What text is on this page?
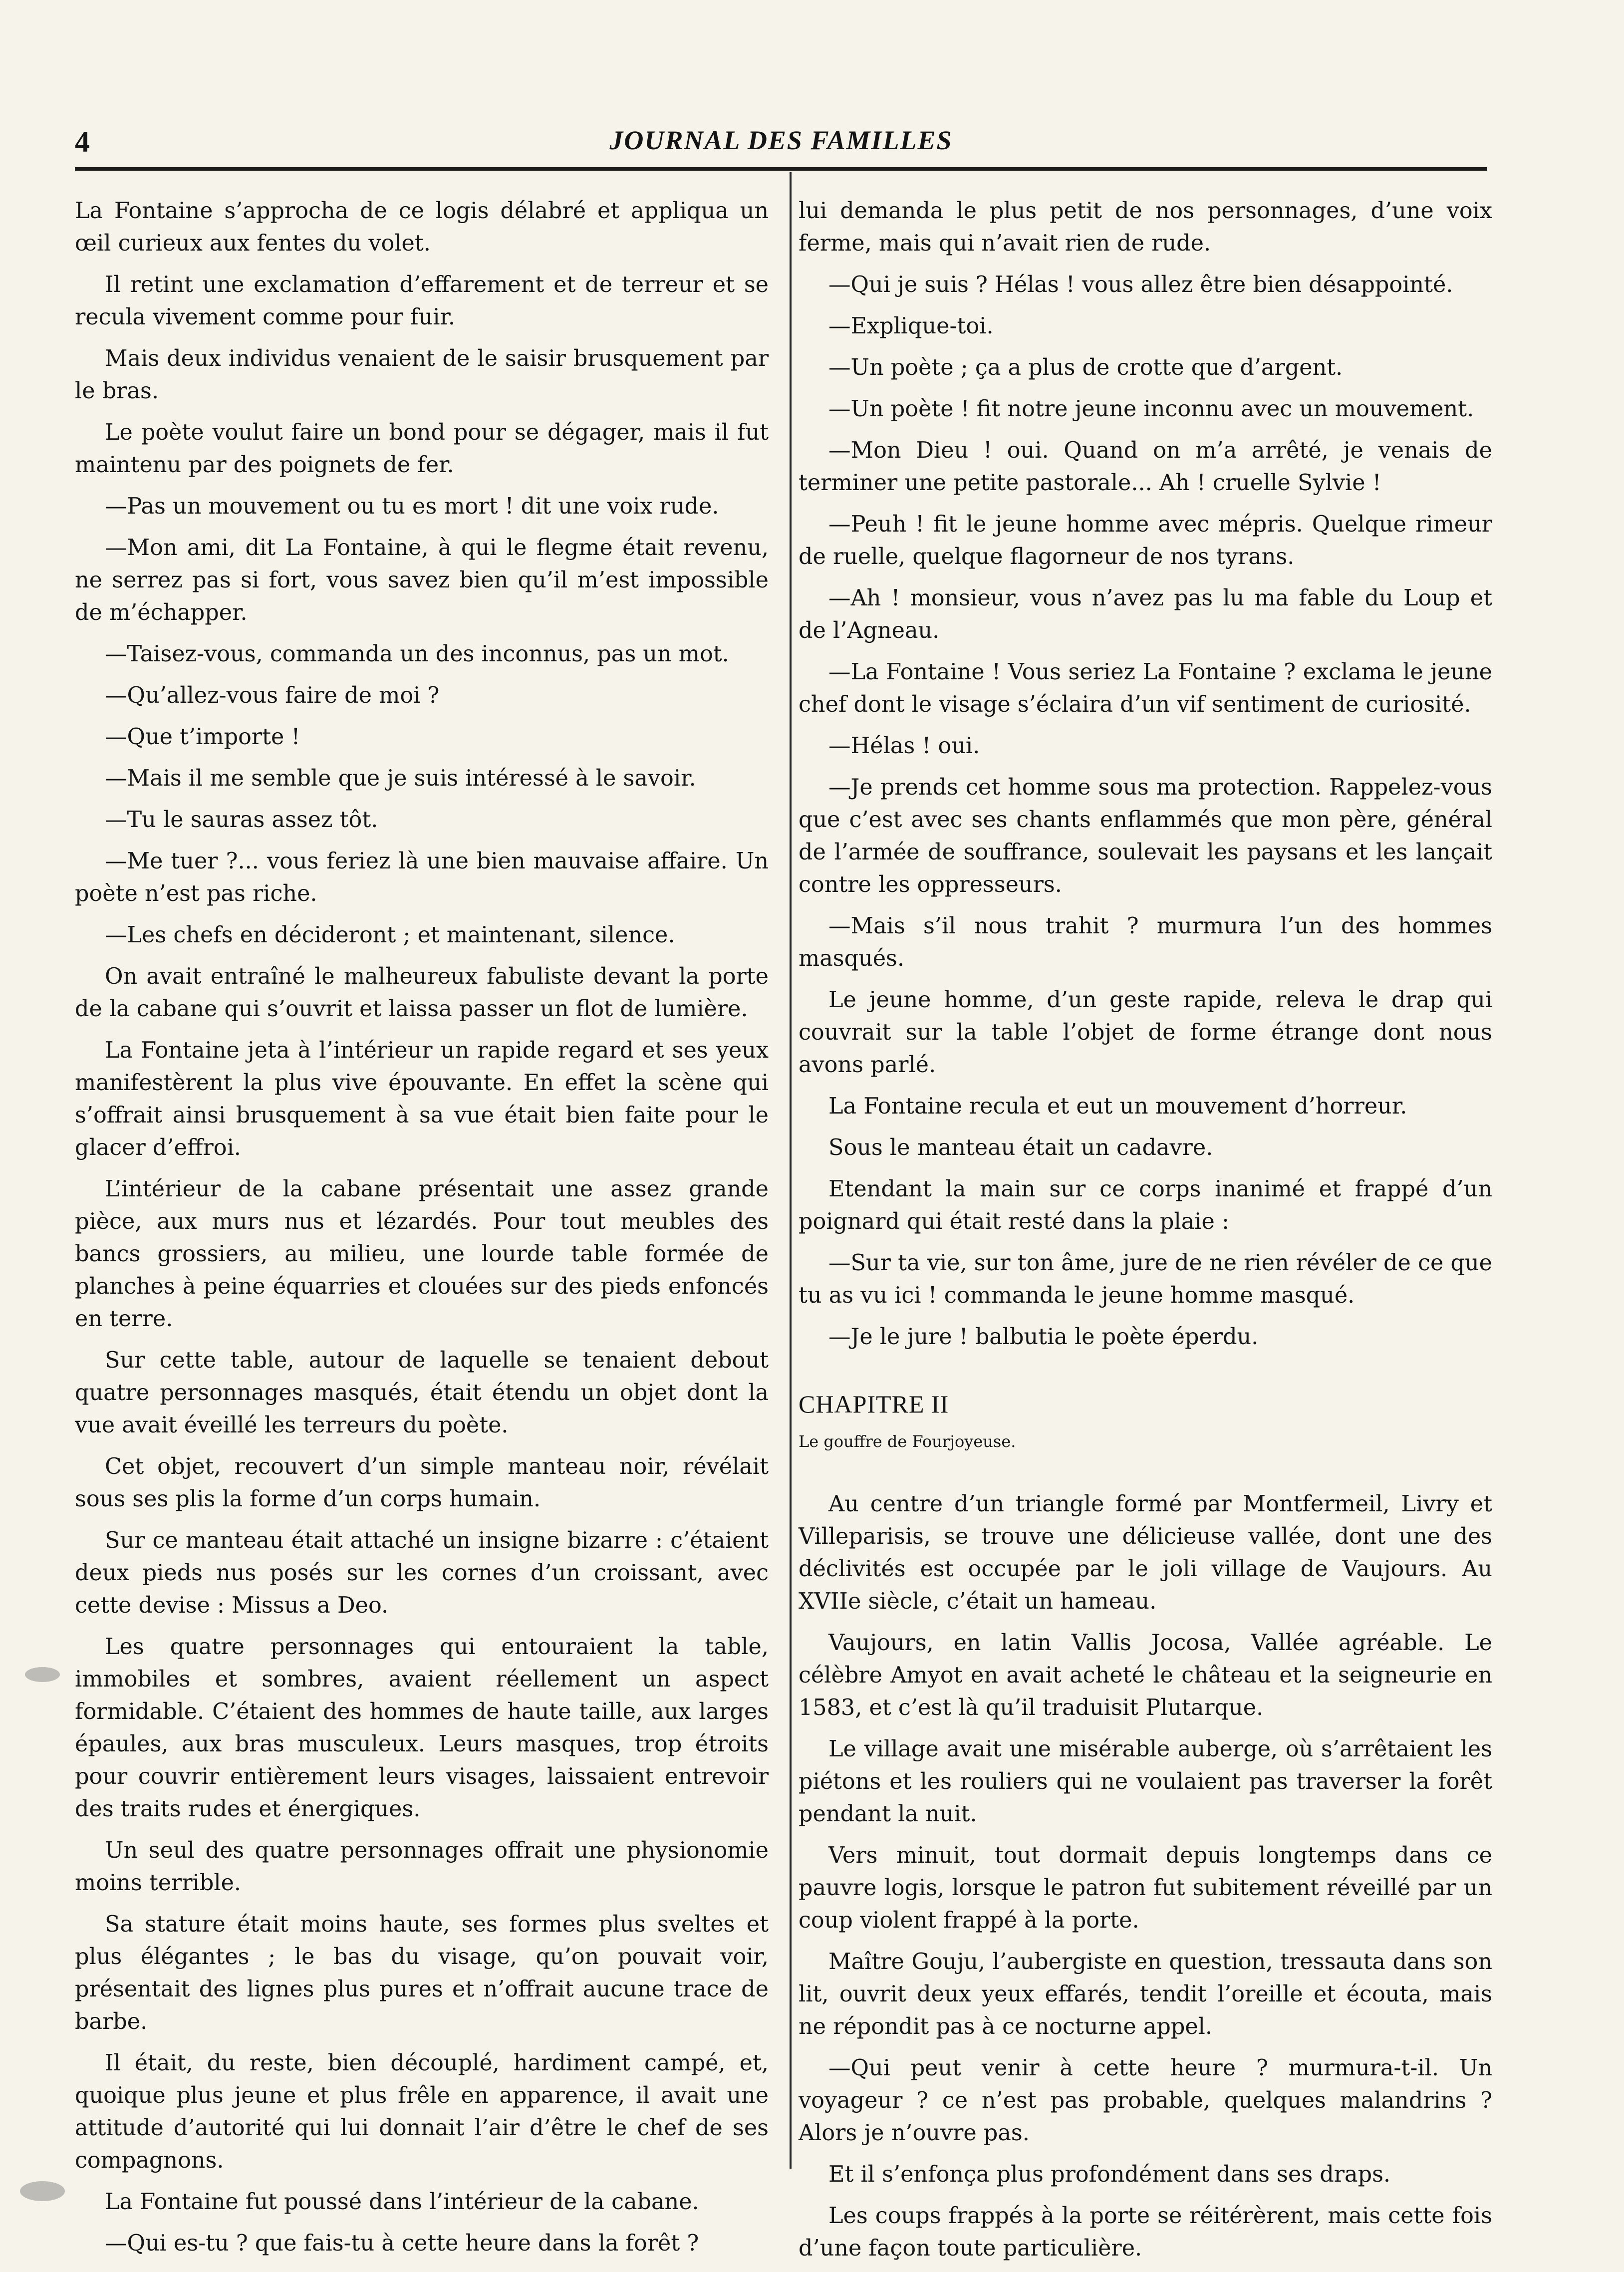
4	JOURNAL DES FAMILLES

La Fontaine s’approcha de ce logis délabré et appliqua un œil curieux aux fentes du volet.

Il retint une exclamation d’effarement et de terreur et se recula vivement comme pour fuir.

Mais deux individus venaient de le saisir brusquement par le bras.

Le poète voulut faire un bond pour se dégager, mais il fut maintenu par des poignets de fer.

—Pas un mouvement ou tu es mort ! dit une voix rude.

—Mon ami, dit La Fontaine, à qui le flegme était revenu, ne serrez pas si fort, vous savez bien qu’il m’est impossible de m’échapper.

—Taisez-vous, commanda un des inconnus, pas un mot.

—Qu’allez-vous faire de moi ?

—Que t’importe !

—Mais il me semble que je suis intéressé à le savoir.

—Tu le sauras assez tôt.

—Me tuer ?... vous feriez là une bien mauvaise affaire. Un poète n’est pas riche.

—Les chefs en décideront ; et maintenant, silence.

On avait entraîné le malheureux fabuliste devant la porte de la cabane qui s’ouvrit et laissa passer un flot de lumière.

La Fontaine jeta à l’intérieur un rapide regard et ses yeux manifestèrent la plus vive épouvante. En effet la scène qui s’offrait ainsi brusquement à sa vue était bien faite pour le glacer d’effroi.

L’intérieur de la cabane présentait une assez grande pièce, aux murs nus et lézardés. Pour tout meubles des bancs grossiers, au milieu, une lourde table formée de planches à peine équarries et clouées sur des pieds enfoncés en terre.

Sur cette table, autour de laquelle se tenaient debout quatre personnages masqués, était étendu un objet dont la vue avait éveillé les terreurs du poète.

Cet objet, recouvert d’un simple manteau noir, révélait sous ses plis la forme d’un corps humain.

Sur ce manteau était attaché un insigne bizarre : c’étaient deux pieds nus posés sur les cornes d’un croissant, avec cette devise : Missus a Deo.

Les quatre personnages qui entouraient la table, immobiles et sombres, avaient réellement un aspect formidable. C’étaient des hommes de haute taille, aux larges épaules, aux bras musculeux. Leurs masques, trop étroits pour couvrir entièrement leurs visages, laissaient entrevoir des traits rudes et énergiques.

Un seul des quatre personnages offrait une physionomie moins terrible.

Sa stature était moins haute, ses formes plus sveltes et plus élégantes ; le bas du visage, qu’on pouvait voir, présentait des lignes plus pures et n’offrait aucune trace de barbe.

Il était, du reste, bien découplé, hardiment campé, et, quoique plus jeune et plus frêle en apparence, il avait une attitude d’autorité qui lui donnait l’air d’être le chef de ses compagnons.

La Fontaine fut poussé dans l’intérieur de la cabane.

—Qui es-tu ? que fais-tu à cette heure dans la forêt ?

lui demanda le plus petit de nos personnages, d’une voix ferme, mais qui n’avait rien de rude.

—Qui je suis ? Hélas ! vous allez être bien désappointé.

—Explique-toi.

—Un poète ; ça a plus de crotte que d’argent.

—Un poète ! fit notre jeune inconnu avec un mouvement.

—Mon Dieu ! oui. Quand on m’a arrêté, je venais de terminer une petite pastorale... Ah ! cruelle Sylvie !

—Peuh ! fit le jeune homme avec mépris. Quelque rimeur de ruelle, quelque flagorneur de nos tyrans.

—Ah ! monsieur, vous n’avez pas lu ma fable du Loup et de l’Agneau.

—La Fontaine ! Vous seriez La Fontaine ? exclama le jeune chef dont le visage s’éclaira d’un vif sentiment de curiosité.

—Hélas ! oui.

—Je prends cet homme sous ma protection. Rappelez-vous que c’est avec ses chants enflammés que mon père, général de l’armée de souffrance, soulevait les paysans et les lançait contre les oppresseurs.

—Mais s’il nous trahit ? murmura l’un des hommes masqués.

Le jeune homme, d’un geste rapide, releva le drap qui couvrait sur la table l’objet de forme étrange dont nous avons parlé.

La Fontaine recula et eut un mouvement d’horreur.

Sous le manteau était un cadavre.

Etendant la main sur ce corps inanimé et frappé d’un poignard qui était resté dans la plaie :

—Sur ta vie, sur ton âme, jure de ne rien révéler de ce que tu as vu ici ! commanda le jeune homme masqué.

—Je le jure ! balbutia le poète éperdu.

CHAPITRE II

Le gouffre de Fourjoyeuse.

Au centre d’un triangle formé par Montfermeil, Livry et Villeparisis, se trouve une délicieuse vallée, dont une des déclivités est occupée par le joli village de Vaujours. Au XVIIe siècle, c’était un hameau.

Vaujours, en latin Vallis Jocosa, Vallée agréable. Le célèbre Amyot en avait acheté le château et la seigneurie en 1583, et c’est là qu’il traduisit Plutarque.

Le village avait une misérable auberge, où s’arrêtaient les piétons et les rouliers qui ne voulaient pas traverser la forêt pendant la nuit.

Vers minuit, tout dormait depuis longtemps dans ce pauvre logis, lorsque le patron fut subitement réveillé par un coup violent frappé à la porte.

Maître Gouju, l’aubergiste en question, tressauta dans son lit, ouvrit deux yeux effarés, tendit l’oreille et écouta, mais ne répondit pas à ce nocturne appel.

—Qui peut venir à cette heure ? murmura-t-il. Un voyageur ? ce n’est pas probable, quelques malandrins ? Alors je n’ouvre pas.

Et il s’enfonça plus profondément dans ses draps.

Les coups frappés à la porte se réitérèrent, mais cette fois d’une façon toute particulière.
